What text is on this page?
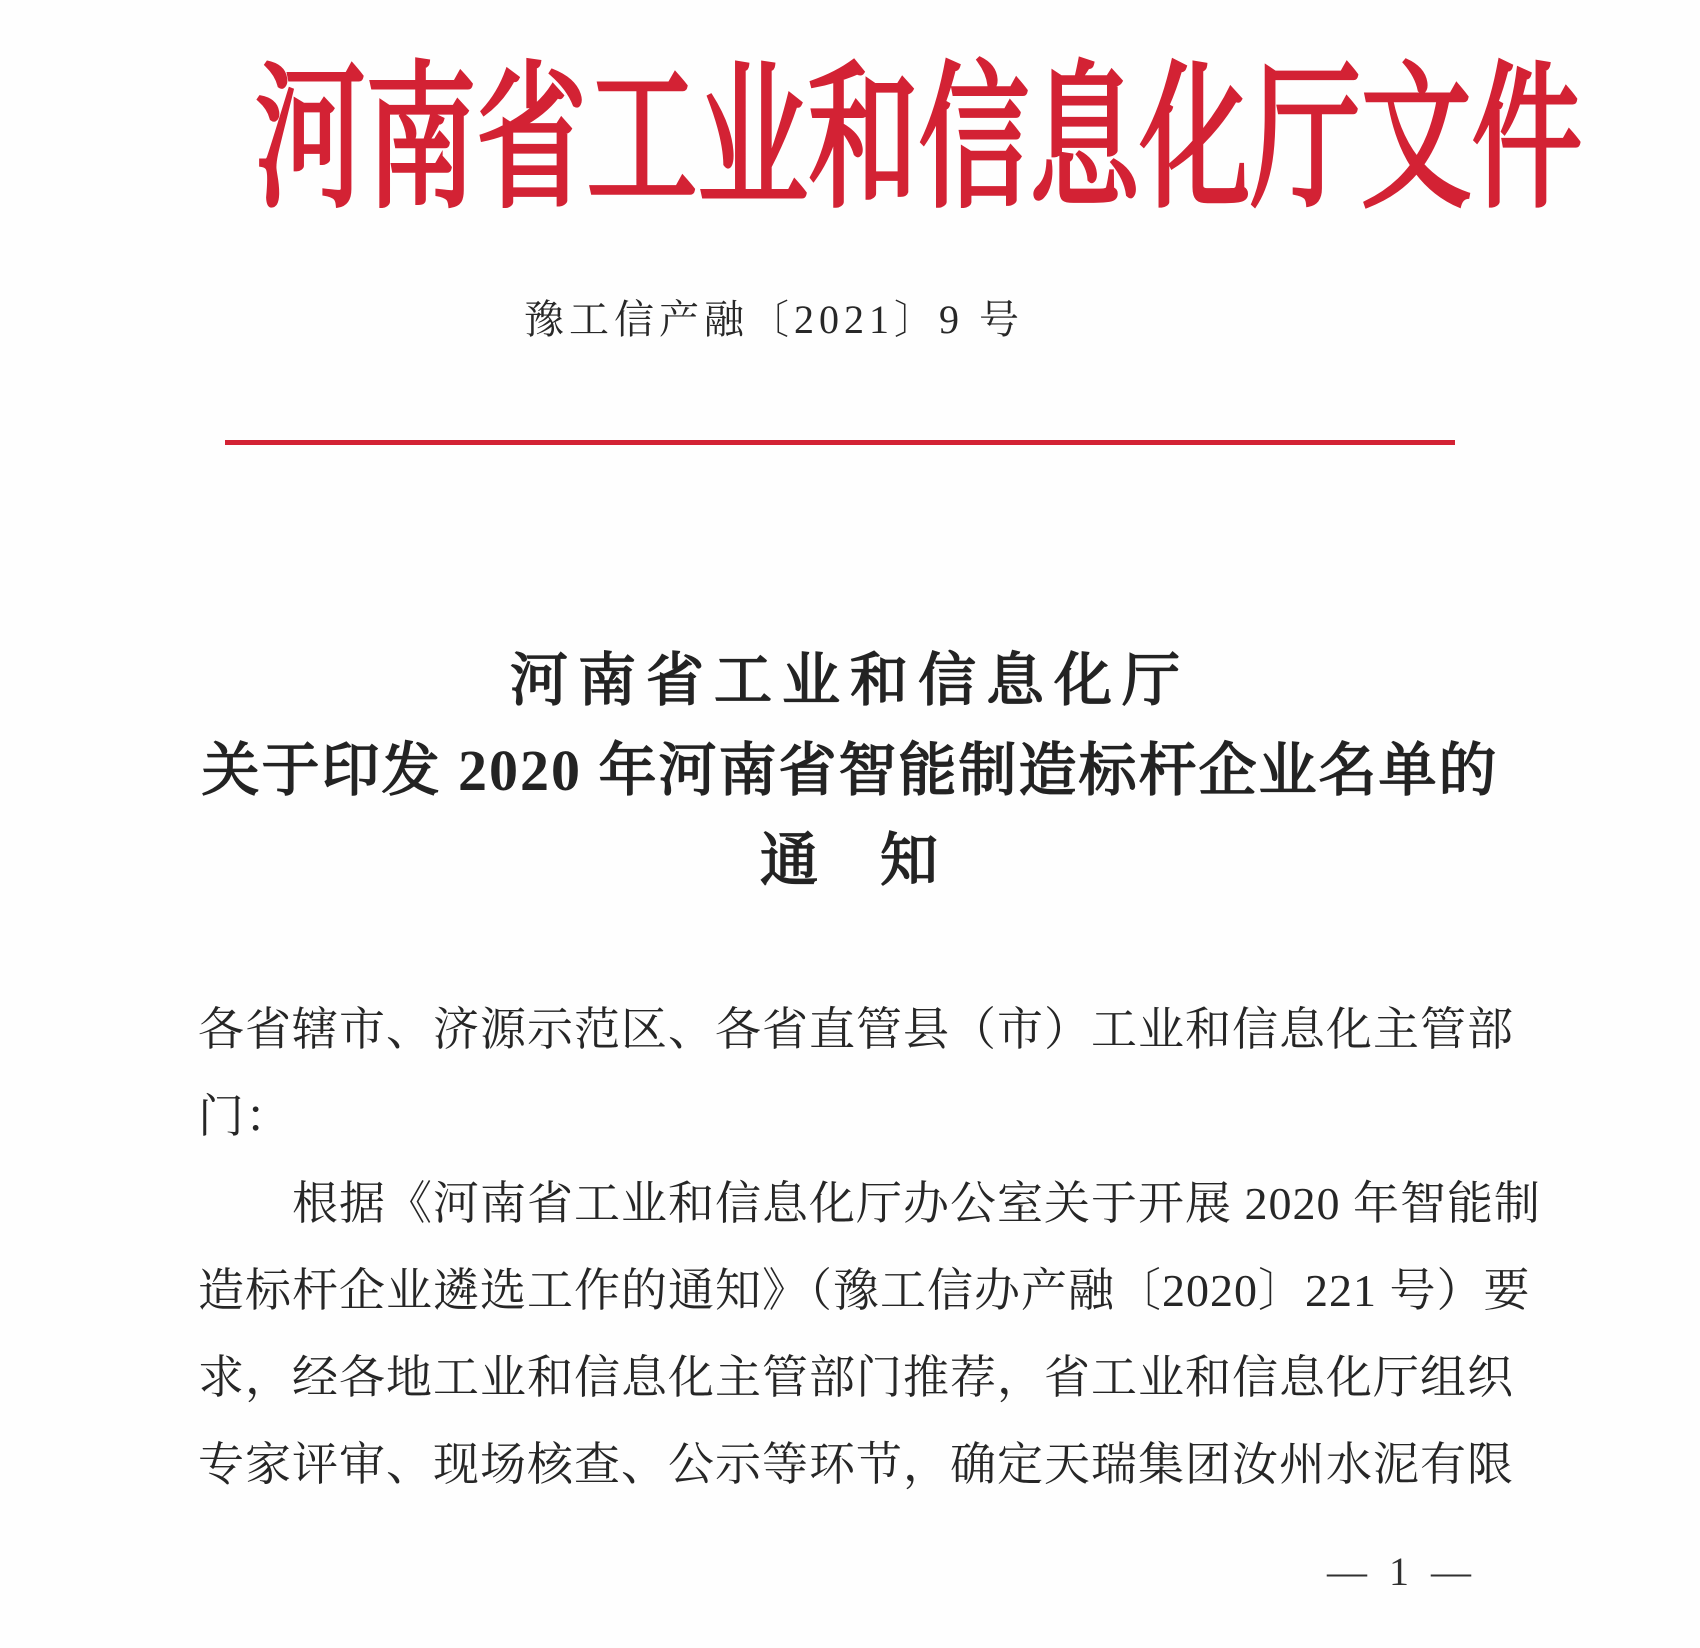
河南省工业和信息化厅文件
豫工信产融〔2021〕9 号
河南省工业和信息化厅
关于印发 2020 年河南省智能制造标杆企业名单的
通　知
各省辖市、济源示范区、各省直管县（市）工业和信息化主管部
门：
根据《河南省工业和信息化厅办公室关于开展 2020 年智能制
造标杆企业遴选工作的通知》（豫工信办产融〔2020〕221 号）要
求，经各地工业和信息化主管部门推荐，省工业和信息化厅组织
专家评审、现场核查、公示等环节，确定天瑞集团汝州水泥有限
— 1 —
